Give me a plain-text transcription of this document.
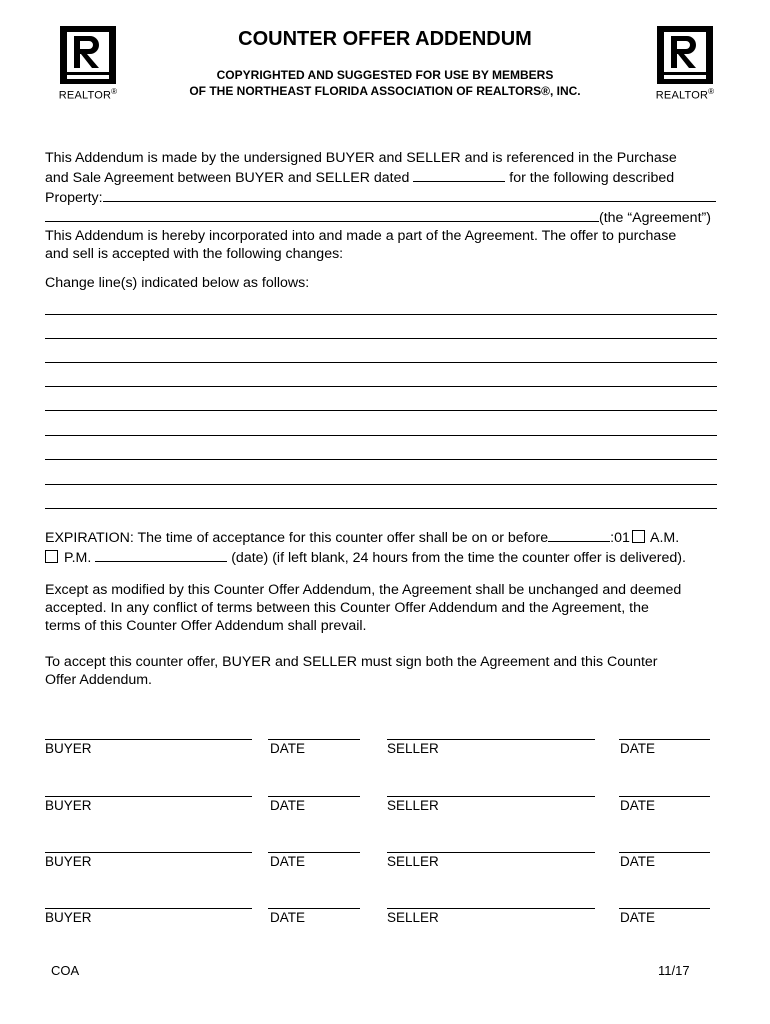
REALTOR®	REALTOR®
COUNTER OFFER ADDENDUM
COPYRIGHTED AND SUGGESTED FOR USE BY MEMBERS
OF THE NORTHEAST FLORIDA ASSOCIATION OF REALTORS®, INC.
This Addendum is made by the undersigned BUYER and SELLER and is referenced in the Purchase
and Sale Agreement between BUYER and SELLER dated	for the following described
Property:
(the “Agreement”)
This Addendum is hereby incorporated into and made a part of the Agreement. The offer to purchase
and sell is accepted with the following changes:
Change line(s) indicated below as follows:
EXPIRATION: The time of acceptance for this counter offer shall be on or before	:01 A.M.
P.M.	(date) (if left blank, 24 hours from the time the counter offer is delivered).
Except as modified by this Counter Offer Addendum, the Agreement shall be unchanged and deemed
accepted. In any conflict of terms between this Counter Offer Addendum and the Agreement, the
terms of this Counter Offer Addendum shall prevail.
To accept this counter offer, BUYER and SELLER must sign both the Agreement and this Counter
Offer Addendum.
BUYER	DATE	SELLER	DATE
BUYER	DATE	SELLER	DATE
BUYER	DATE	SELLER	DATE
BUYER	DATE	SELLER	DATE
COA	11/17
